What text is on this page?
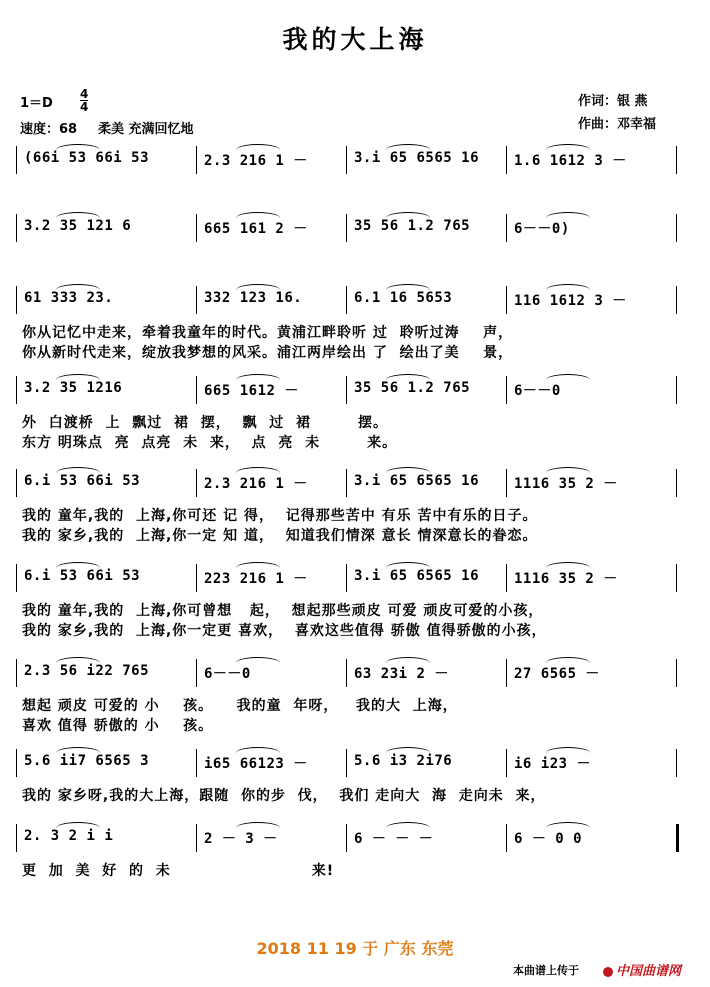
我的大上海
1＝D
4
4
速度：68 柔美 充满回忆地
作词：银 燕
作曲：邓幸福
(66i 53 66i 53	2.3 216 1 －	3.i 65 6565 16 1.6 1612 3 －
3.2 35 121 6	665 161 2 －	35 56 1.2 765	6－－0)
61 333 23.	332 123 16.	6.1 16 5653	116 1612 3 －
你从记忆中走来，牵着我童年的时代。黄浦江畔聆听 过  聆听过涛    声，
你从新时代走来，绽放我梦想的风采。浦江两岸绘出 了  绘出了美    景，
3.2 35 1216	665 1612 －	35 56 1.2 765	6－－0
外  白渡桥  上  飘过  裙  摆，  飘  过  裙        摆。
东方 明珠点  亮  点亮  未  来，  点  亮  未        来。
6.i 53 66i 53	2.3 216 1 －	3.i 65 6565 16 1116 35 2 －
我的 童年,我的  上海,你可还 记 得，  记得那些苦中 有乐 苦中有乐的日子。
我的 家乡,我的  上海,你一定 知 道，  知道我们情深 意长 情深意长的眷恋。
6.i 53 66i 53	223 216 1 －	3.i 65 6565 16 1116 35 2 －
我的 童年,我的  上海,你可曾想   起，  想起那些顽皮 可爱 顽皮可爱的小孩，
我的 家乡,我的  上海,你一定更 喜欢，  喜欢这些值得 骄傲 值得骄傲的小孩，
2.3 56 i22 765	6－－0	63 23i 2 －	27 6565 －
想起 顽皮 可爱的 小    孩。    我的童  年呀，   我的大  上海，
喜欢 值得 骄傲的 小    孩。
5.6 ii7 6565 3	i65 66123 －	5.6 i3 2i76	i6 i23 －
我的 家乡呀,我的大上海，跟随  你的步  伐，  我们 走向大  海  走向未  来，
2. 3 2 i i	2 － 3 －	6 － － －	6 － 0 0
更  加  美  好  的  未                        来!
2018 11 19 于 广东 东莞
本曲谱上传于	中国曲谱网
